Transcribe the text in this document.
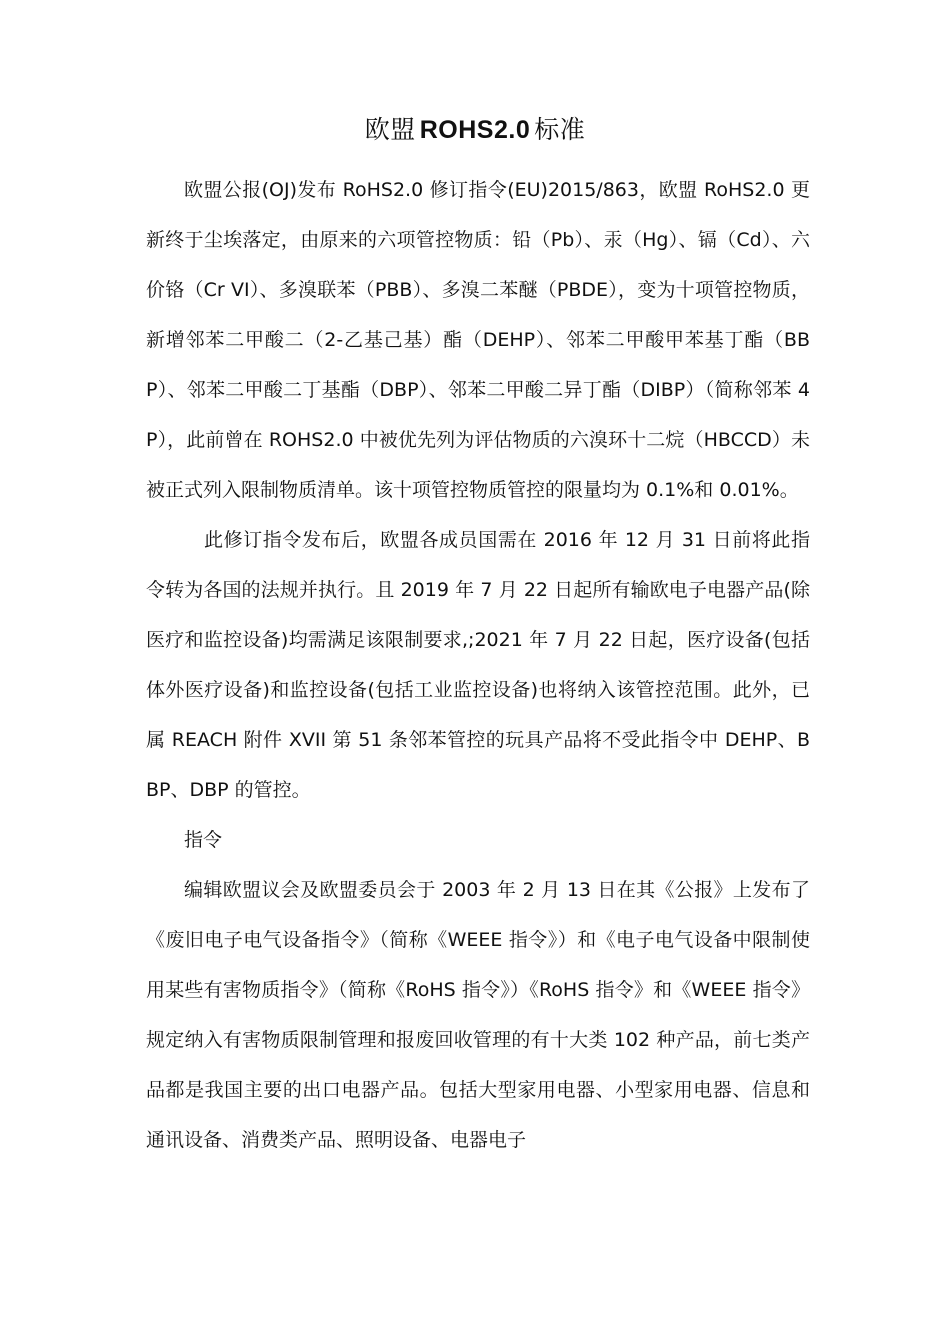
欧盟 ROHS2.0 标准

欧盟公报(OJ)发布 RoHS2.0 修订指令(EU)2015/863，欧盟 RoHS2.0 更新终于尘埃落定，由原来的六项管控物质：铅（Pb）、汞（Hg）、镉（Cd）、六价铬（Cr VI）、多溴联苯（PBB）、多溴二苯醚（PBDE），变为十项管控物质，新增邻苯二甲酸二（2-乙基己基）酯（DEHP）、邻苯二甲酸甲苯基丁酯（BBP）、邻苯二甲酸二丁基酯（DBP）、邻苯二甲酸二异丁酯（DIBP）（简称邻苯 4P），此前曾在 ROHS2.0 中被优先列为评估物质的六溴环十二烷（HBCCD）未被正式列入限制物质清单。该十项管控物质管控的限量均为 0.1%和 0.01%。

此修订指令发布后，欧盟各成员国需在 2016 年 12 月 31 日前将此指令转为各国的法规并执行。且 2019 年 7 月 22 日起所有输欧电子电器产品(除医疗和监控设备)均需满足该限制要求,;2021 年 7 月 22 日起，医疗设备(包括体外医疗设备)和监控设备(包括工业监控设备)也将纳入该管控范围。此外，已属 REACH 附件 XVII 第 51 条邻苯管控的玩具产品将不受此指令中 DEHP、BBP、DBP 的管控。

指令

编辑欧盟议会及欧盟委员会于 2003 年 2 月 13 日在其《公报》上发布了《废旧电子电气设备指令》（简称《WEEE 指令》）和《电子电气设备中限制使用某些有害物质指令》（简称《RoHS 指令》）《RoHS 指令》和《WEEE 指令》规定纳入有害物质限制管理和报废回收管理的有十大类 102 种产品，前七类产品都是我国主要的出口电器产品。包括大型家用电器、小型家用电器、信息和通讯设备、消费类产品、照明设备、电器电子
